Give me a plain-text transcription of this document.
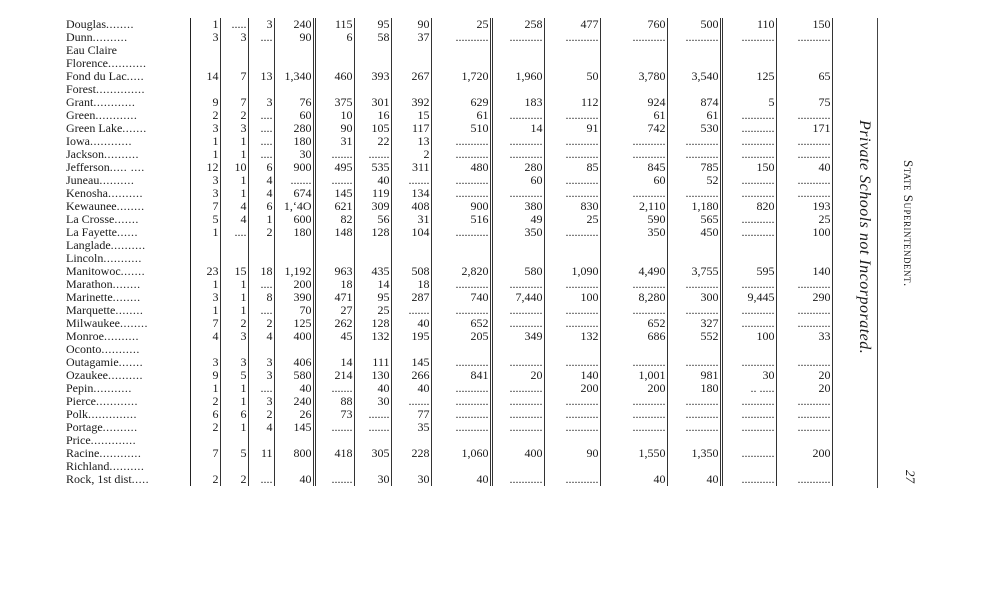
Douglas........	1	.....	3	240	115	95	90	25	258	477	760	500	110	150
Dunn..........	3	3	....	90	6	58	37	...........	...........	...........	...........	...........	...........	...........
Eau Claire														
Florence...........														
Fond du Lac.....	14	7	13	1,340	460	393	267	1,720	1,960	50	3,780	3,540	125	65
Forest..............														
Grant............	9	7	3	76	375	301	392	629	183	112	924	874	5	75
Green............	2	2	....	60	10	16	15	61	...........	...........	61	61	...........	...........
Green Lake.......	3	3	....	280	90	105	117	510	14	91	742	530	...........	171
Iowa............	1	1	....	180	31	22	13	...........	...........	...........	...........	...........	...........	...........
Jackson..........	1	1	....	30	.......	.......	2	...........	...........	...........	...........	...........	...........	...........
Jefferson..... ....	12	10	6	900	495	535	311	480	280	85	845	785	150	40
Juneau..........	3	1	4	.......	.......	40	.......	...........	60	...........	60	52	...........	...........
Kenosha..........	3	1	4	674	145	119	134	...........	...........	...........	...........	...........	...........	...........
Kewaunee........	7	4	6	1,‘4O	621	309	408	900	380	830	2,110	1,180	820	193
La Crosse.......	5	4	1	600	82	56	31	516	49	25	590	565	...........	25
La Fayette......	1	....	2	180	148	128	104	...........	350	...........	350	450	...........	100
Langlade..........														
Lincoln...........														
Manitowoc.......	23	15	18	1,192	963	435	508	2,820	580	1,090	4,490	3,755	595	140
Marathon........	1	1	....	200	18	14	18	...........	...........	...........	...........	...........	...........	...........
Marinette........	3	1	8	390	471	95	287	740	7,440	100	8,280	300	9,445	290
Marquette........	1	1	....	70	27	25	.......	...........	...........	...........	...........	...........	...........	...........
Milwaukee........	7	2	2	125	262	128	40	652	...........	...........	652	327	...........	...........
Monroe..........	4	3	4	400	45	132	195	205	349	132	686	552	100	33
Oconto...........														
Outagamie.......	3	3	3	406	14	111	145	...........	...........	...........	...........	...........	...........	...........
Ozaukee..........	9	5	3	580	214	130	266	841	20	140	1,001	981	30	20
Pepin...........	1	1	....	40	.......	40	40	...........	...........	200	200	180	.. .....	20
Pierce............	2	1	3	240	88	30	.......	...........	...........	...........	...........	...........	...........	...........
Polk..............	6	6	2	26	73	.......	77	...........	...........	...........	...........	...........	...........	...........
Portage..........	2	1	4	145	.......	.......	35	...........	...........	...........	...........	...........	...........	...........
Price.............														
Racine............	7	5	11	800	418	305	228	1,060	400	90	1,550	1,350	...........	200
Richland..........														
Rock, 1st dist.....	2	2	....	40	.......	30	30	40	...........	...........	40	40	...........	...........
Private Schools not Incorporated. State Superintendent.
27
